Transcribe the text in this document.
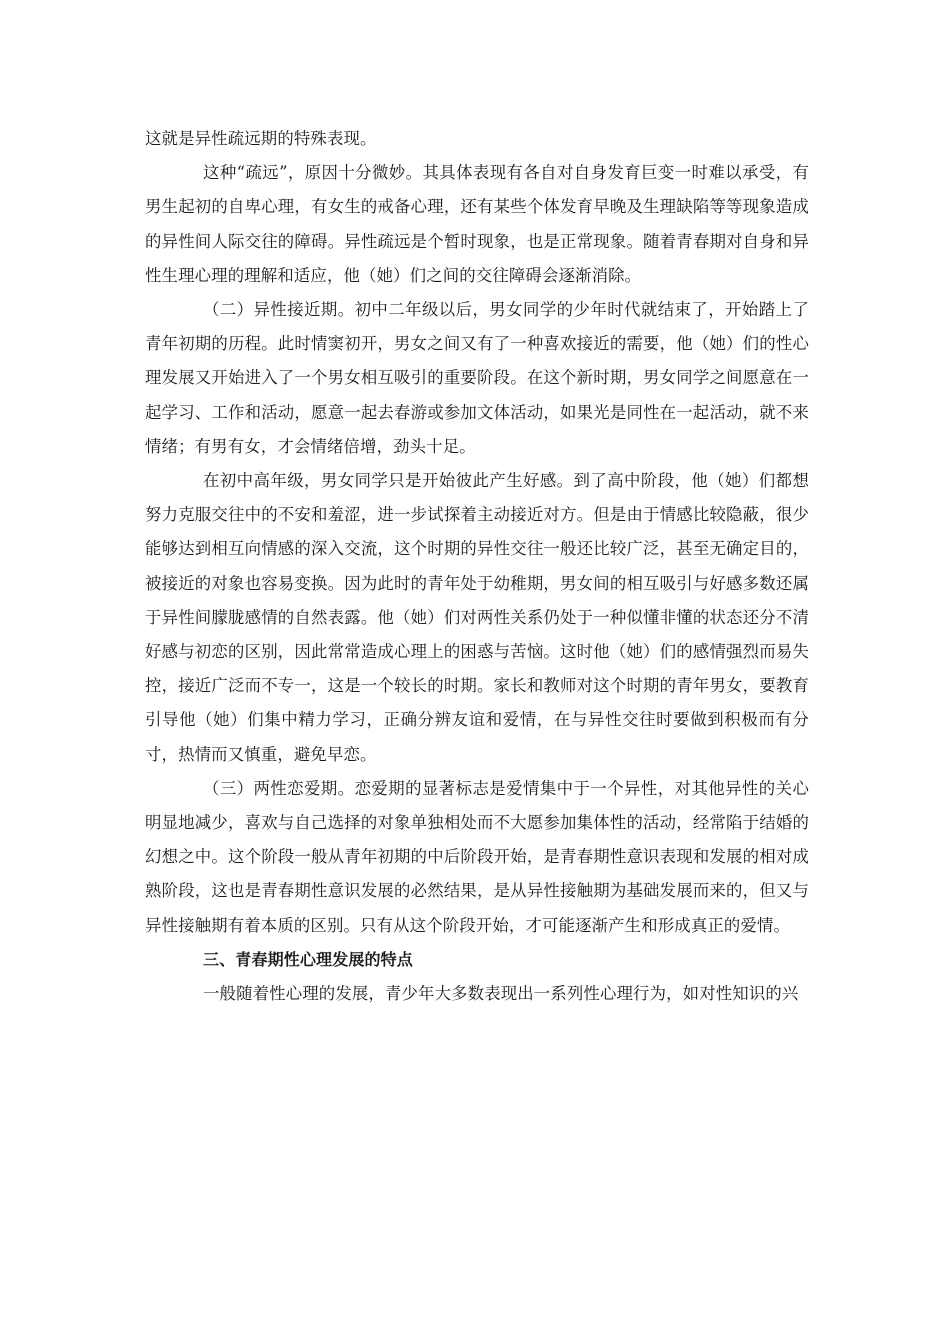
这就是异性疏远期的特殊表现。

这种“疏远”，原因十分微妙。其具体表现有各自对自身发育巨变一时难以承受，有男生起初的自卑心理，有女生的戒备心理，还有某些个体发育早晚及生理缺陷等等现象造成的异性间人际交往的障碍。异性疏远是个暂时现象，也是正常现象。随着青春期对自身和异性生理心理的理解和适应，他（她）们之间的交往障碍会逐渐消除。

（二）异性接近期。初中二年级以后，男女同学的少年时代就结束了，开始踏上了青年初期的历程。此时情窦初开，男女之间又有了一种喜欢接近的需要，他（她）们的性心理发展又开始进入了一个男女相互吸引的重要阶段。在这个新时期，男女同学之间愿意在一起学习、工作和活动，愿意一起去春游或参加文体活动，如果光是同性在一起活动，就不来情绪；有男有女，才会情绪倍增，劲头十足。

在初中高年级，男女同学只是开始彼此产生好感。到了高中阶段，他（她）们都想努力克服交往中的不安和羞涩，进一步试探着主动接近对方。但是由于情感比较隐蔽，很少能够达到相互向情感的深入交流，这个时期的异性交往一般还比较广泛，甚至无确定目的，被接近的对象也容易变换。因为此时的青年处于幼稚期，男女间的相互吸引与好感多数还属于异性间朦胧感情的自然表露。他（她）们对两性关系仍处于一种似懂非懂的状态还分不清好感与初恋的区别，因此常常造成心理上的困惑与苦恼。这时他（她）们的感情强烈而易失控，接近广泛而不专一，这是一个较长的时期。家长和教师对这个时期的青年男女，要教育引导他（她）们集中精力学习，正确分辨友谊和爱情，在与异性交往时要做到积极而有分寸，热情而又慎重，避免早恋。

（三）两性恋爱期。恋爱期的显著标志是爱情集中于一个异性，对其他异性的关心明显地减少，喜欢与自己选择的对象单独相处而不大愿参加集体性的活动，经常陷于结婚的幻想之中。这个阶段一般从青年初期的中后阶段开始，是青春期性意识表现和发展的相对成熟阶段，这也是青春期性意识发展的必然结果，是从异性接触期为基础发展而来的，但又与异性接触期有着本质的区别。只有从这个阶段开始，才可能逐渐产生和形成真正的爱情。

三、青春期性心理发展的特点

一般随着性心理的发展，青少年大多数表现出一系列性心理行为，如对性知识的兴
